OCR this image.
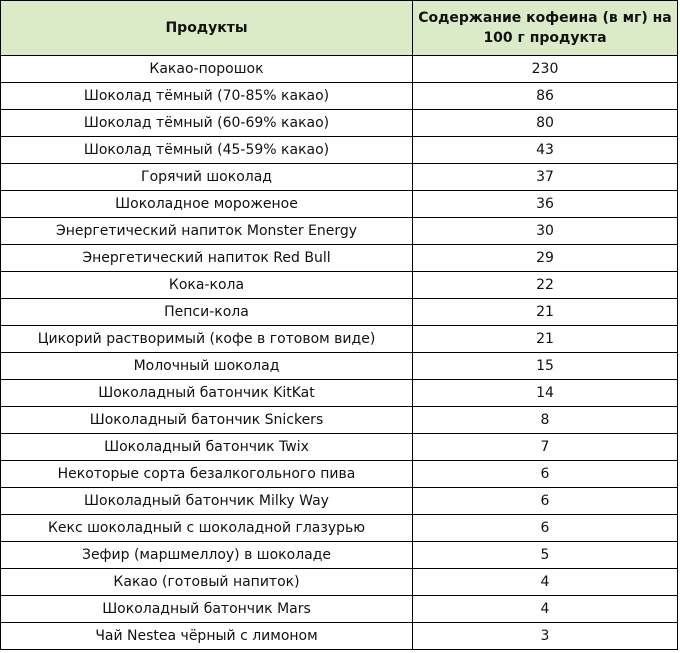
Продукты	Содержание кофеина (в мг) на 100 г продукта
Какао-порошок	230
Шоколад тёмный (70-85% какао)	86
Шоколад тёмный (60-69% какао)	80
Шоколад тёмный (45-59% какао)	43
Горячий шоколад	37
Шоколадное мороженое	36
Энергетический напиток Monster Energy	30
Энергетический напиток Red Bull	29
Кока-кола	22
Пепси-кола	21
Цикорий растворимый (кофе в готовом виде)	21
Молочный шоколад	15
Шоколадный батончик KitKat	14
Шоколадный батончик Snickers	8
Шоколадный батончик Twix	7
Некоторые сорта безалкогольного пива	6
Шоколадный батончик Milky Way	6
Кекс шоколадный с шоколадной глазурью	6
Зефир (маршмеллоу) в шоколаде	5
Какао (готовый напиток)	4
Шоколадный батончик Mars	4
Чай Nestea чёрный с лимоном	3
